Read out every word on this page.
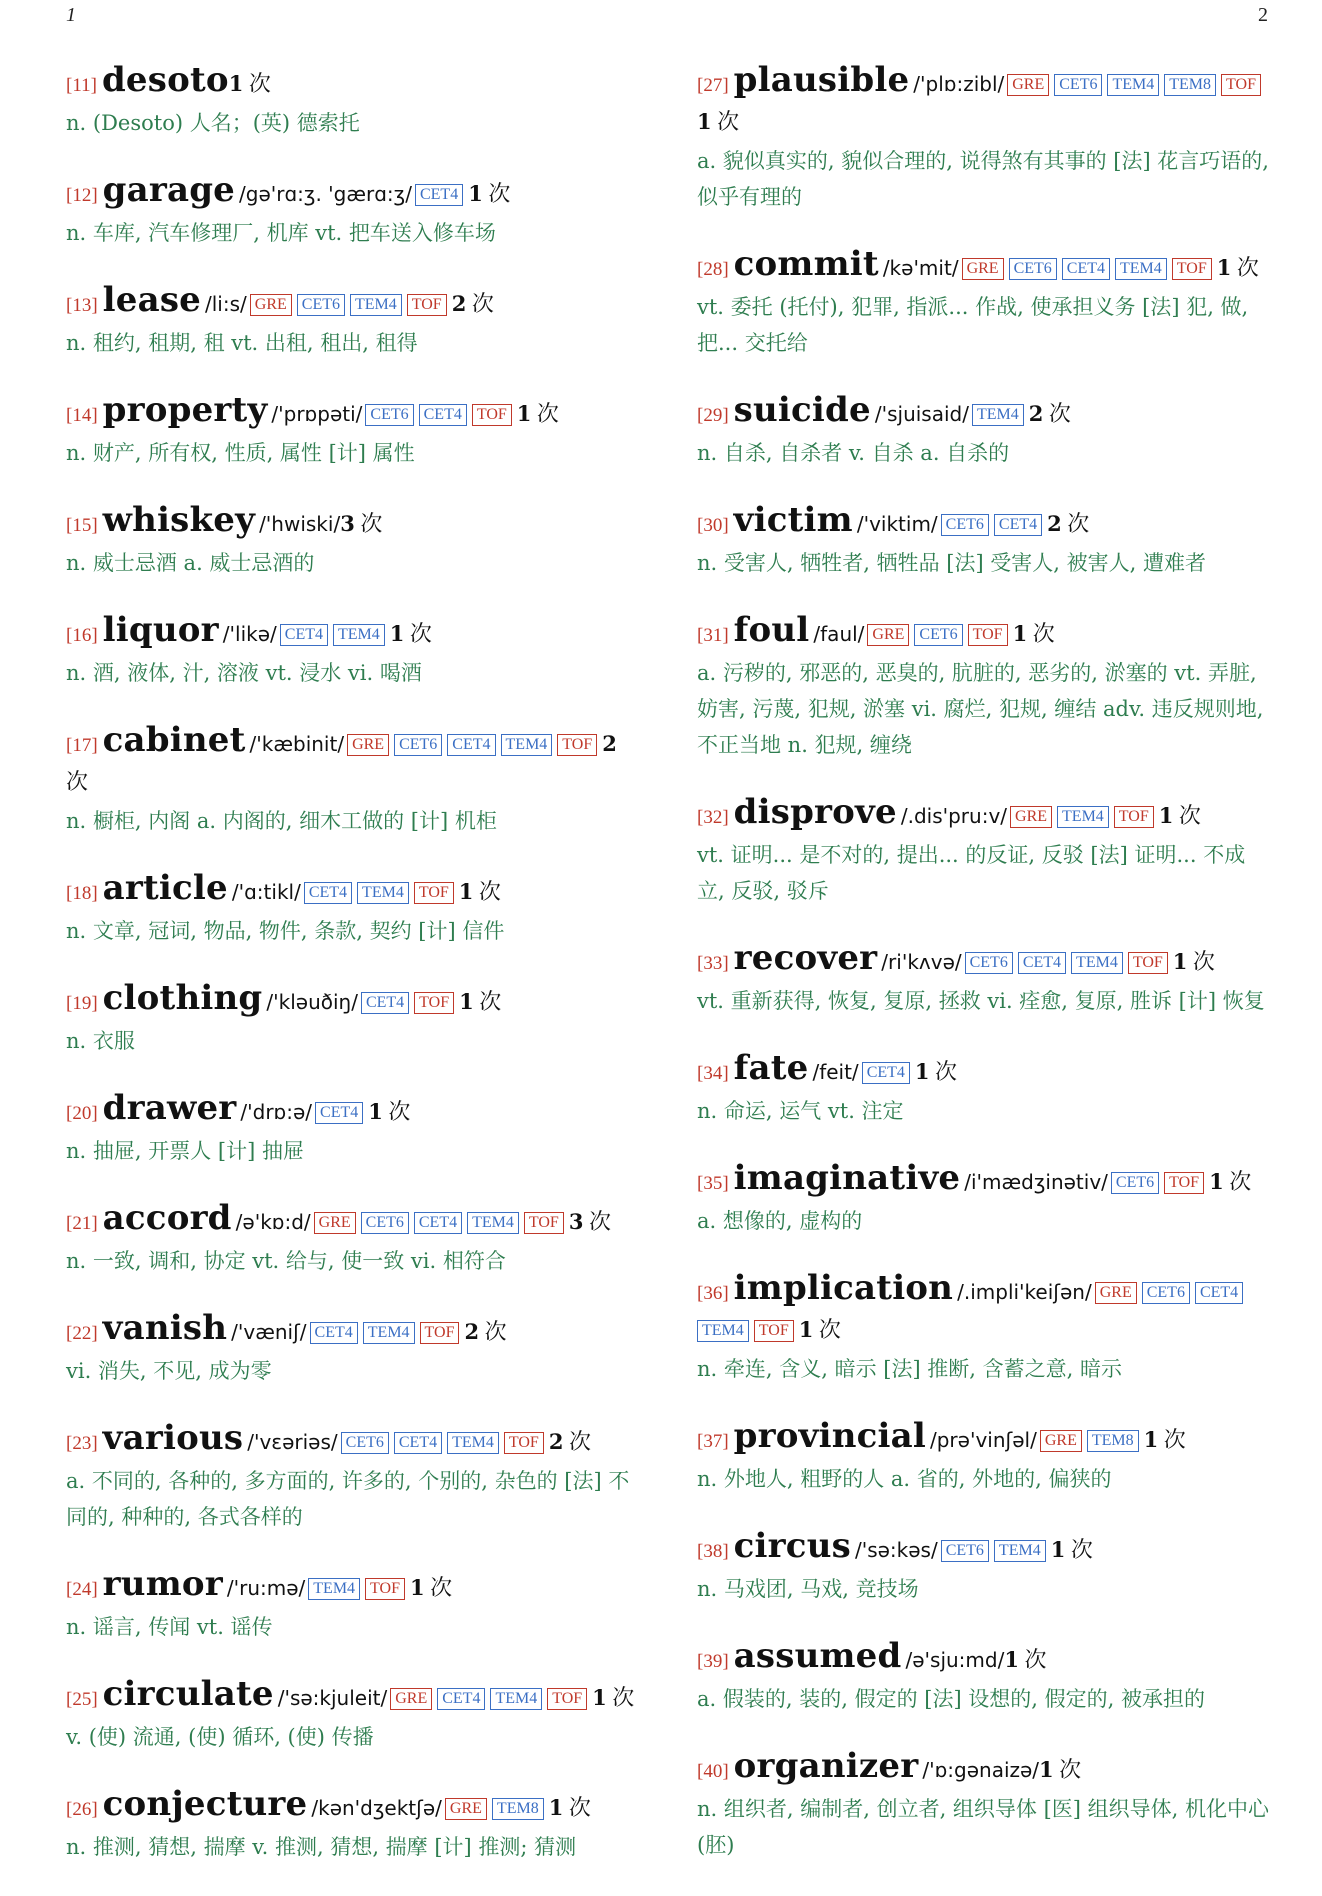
1	2
[11] desoto1 次
n. (Desoto) 人名；(英) 德索托
[12] garage /gə'rɑ:ʒ. 'gærɑ:ʒ/ CET4 1 次
n. 车库, 汽车修理厂, 机库 vt. 把车送入修车场
[13] lease /li:s/ GRE CET6 TEM4 TOF 2 次
n. 租约, 租期, 租 vt. 出租, 租出, 租得
[14] property /'prɒpəti/ CET6 CET4 TOF 1 次
n. 财产, 所有权, 性质, 属性 [计] 属性
[15] whiskey /'hwiski/3 次
n. 威士忌酒 a. 威士忌酒的
[16] liquor /'likə/ CET4 TEM4 1 次
n. 酒, 液体, 汁, 溶液 vt. 浸水 vi. 喝酒
[17] cabinet /'kæbinit/ GRE CET6 CET4 TEM4 TOF 2 次
n. 橱柜, 内阁 a. 内阁的, 细木工做的 [计] 机柜
[18] article /'ɑ:tikl/ CET4 TEM4 TOF 1 次
n. 文章, 冠词, 物品, 物件, 条款, 契约 [计] 信件
[19] clothing /'kləuðiŋ/ CET4 TOF 1 次
n. 衣服
[20] drawer /'drɒ:ə/ CET4 1 次
n. 抽屉, 开票人 [计] 抽屉
[21] accord /ə'kɒ:d/ GRE CET6 CET4 TEM4 TOF 3 次
n. 一致, 调和, 协定 vt. 给与, 使一致 vi. 相符合
[22] vanish /'væniʃ/ CET4 TEM4 TOF 2 次
vi. 消失, 不见, 成为零
[23] various /'vɛəriəs/ CET6 CET4 TEM4 TOF 2 次
a. 不同的, 各种的, 多方面的, 许多的, 个别的, 杂色的 [法] 不同的, 种种的, 各式各样的
[24] rumor /'ru:mə/ TEM4 TOF 1 次
n. 谣言, 传闻 vt. 谣传
[25] circulate /'sə:kjuleit/ GRE CET4 TEM4 TOF 1 次
v. (使) 流通, (使) 循环, (使) 传播
[26] conjecture /kən'dʒektʃə/ GRE TEM8 1 次
n. 推测, 猜想, 揣摩 v. 推测, 猜想, 揣摩 [计] 推测; 猜测
[27] plausible /'plɒ:zibl/ GRE CET6 TEM4 TEM8 TOF1 次
a. 貌似真实的, 貌似合理的, 说得煞有其事的 [法] 花言巧语的, 似乎有理的
[28] commit /kə'mit/ GRE CET6 CET4 TEM4 TOF 1 次
vt. 委托 (托付), 犯罪, 指派... 作战, 使承担义务 [法] 犯, 做, 把... 交托给
[29] suicide /'sjuisaid/ TEM4 2 次
n. 自杀, 自杀者 v. 自杀 a. 自杀的
[30] victim /'viktim/ CET6 CET4 2 次
n. 受害人, 牺牲者, 牺牲品 [法] 受害人, 被害人, 遭难者
[31] foul /faul/ GRE CET6 TOF 1 次
a. 污秽的, 邪恶的, 恶臭的, 肮脏的, 恶劣的, 淤塞的 vt. 弄脏, 妨害, 污蔑, 犯规, 淤塞 vi. 腐烂, 犯规, 缠结 adv. 违反规则地, 不正当地 n. 犯规, 缠绕
[32] disprove /.dis'pru:v/ GRE TEM4 TOF 1 次
vt. 证明... 是不对的, 提出... 的反证, 反驳 [法] 证明... 不成立, 反驳, 驳斥
[33] recover /ri'kʌvə/ CET6 CET4 TEM4 TOF 1 次
vt. 重新获得, 恢复, 复原, 拯救 vi. 痊愈, 复原, 胜诉 [计] 恢复
[34] fate /feit/ CET4 1 次
n. 命运, 运气 vt. 注定
[35] imaginative /i'mædʒinətiv/ CET6 TOF 1 次
a. 想像的, 虚构的
[36] implication /.impli'keiʃən/ GRE CET6 CET4TEM4 TOF 1 次
n. 牵连, 含义, 暗示 [法] 推断, 含蓄之意, 暗示
[37] provincial /prə'vinʃəl/ GRE TEM8 1 次
n. 外地人, 粗野的人 a. 省的, 外地的, 偏狭的
[38] circus /'sə:kəs/ CET6 TEM4 1 次
n. 马戏团, 马戏, 竞技场
[39] assumed /ə'sju:md/1 次
a. 假装的, 装的, 假定的 [法] 设想的, 假定的, 被承担的
[40] organizer /'ɒ:gənaizə/1 次
n. 组织者, 编制者, 创立者, 组织导体 [医] 组织导体, 机化中心 (胚)
